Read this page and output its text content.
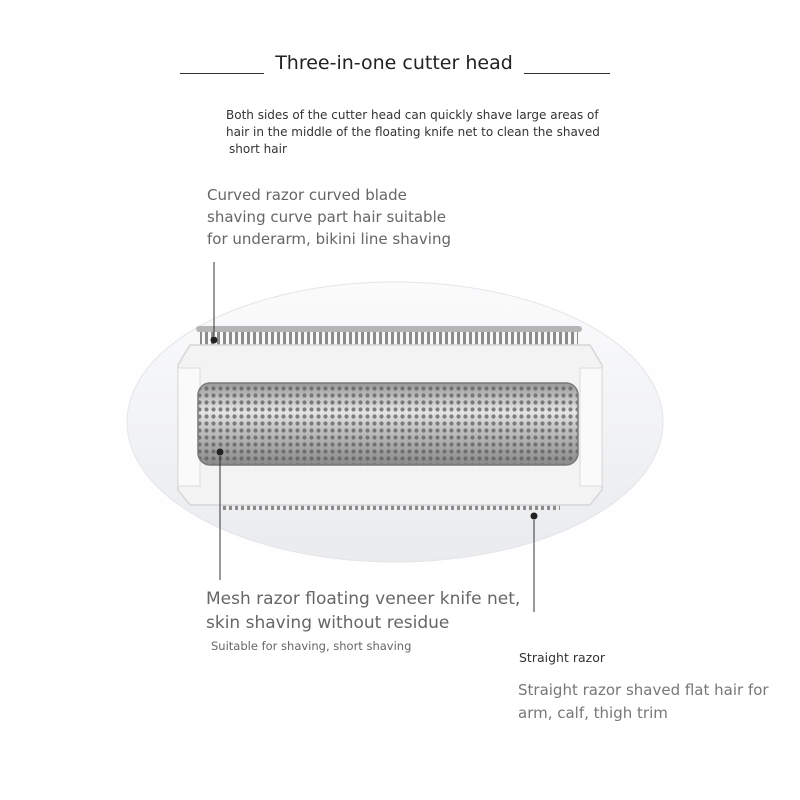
Three-in-one cutter head
Both sides of the cutter head can quickly shave large areas of
hair in the middle of the floating knife net to clean the shaved
short hair
Curved razor curved blade
shaving curve part hair suitable
for underarm, bikini line shaving
Mesh razor floating veneer knife net,
skin shaving without residue
Suitable for shaving, short shaving
Straight razor
Straight razor shaved flat hair for
arm, calf, thigh trim
